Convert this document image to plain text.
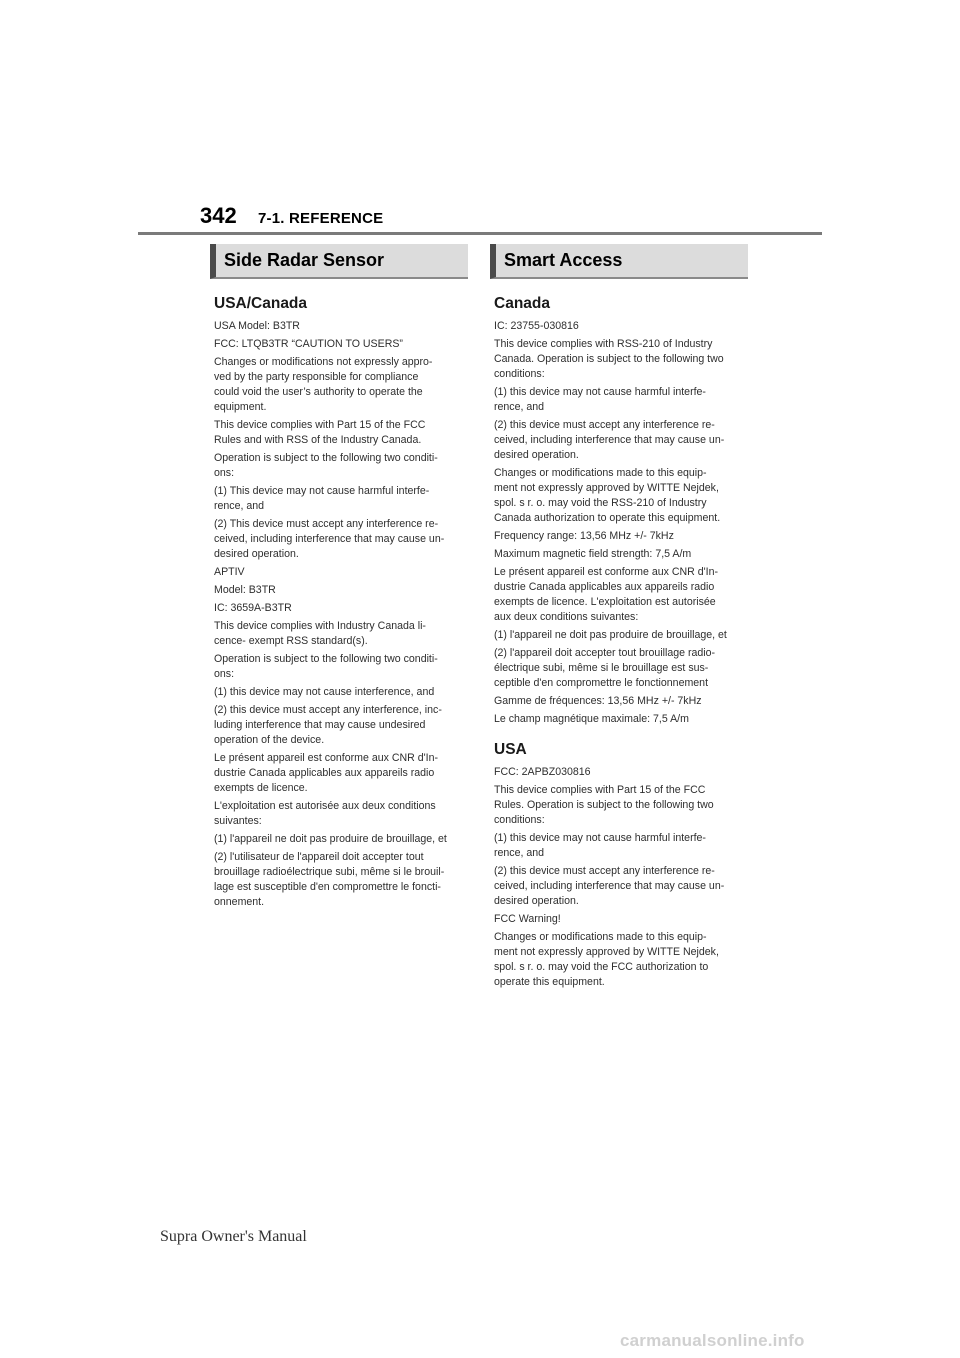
342 7-1. REFERENCE
Side Radar Sensor
USA/Canada

USA Model: B3TR

FCC: LTQB3TR “CAUTION TO USERS”

Changes or modifications not expressly appro-
ved by the party responsible for compliance
could void the user’s authority to operate the
equipment.

This device complies with Part 15 of the FCC
Rules and with RSS of the Industry Canada.

Operation is subject to the following two conditi-
ons:

(1) This device may not cause harmful interfe-
rence, and

(2) This device must accept any interference re-
ceived, including interference that may cause un-
desired operation.

APTIV

Model: B3TR

IC: 3659A-B3TR

This device complies with Industry Canada li-
cence- exempt RSS standard(s).

Operation is subject to the following two conditi-
ons:

(1) this device may not cause interference, and

(2) this device must accept any interference, inc-
luding interference that may cause undesired
operation of the device.

Le présent appareil est conforme aux CNR d'In-
dustrie Canada applicables aux appareils radio
exempts de licence.

L'exploitation est autorisée aux deux conditions
suivantes:

(1) l'appareil ne doit pas produire de brouillage, et

(2) l'utilisateur de l'appareil doit accepter tout
brouillage radioélectrique subi, même si le brouil-
lage est susceptible d'en compromettre le foncti-
onnement.

Smart Access
Canada

IC: 23755-030816

This device complies with RSS-210 of Industry
Canada. Operation is subject to the following two
conditions:

(1) this device may not cause harmful interfe-
rence, and

(2) this device must accept any interference re-
ceived, including interference that may cause un-
desired operation.

Changes or modifications made to this equip-
ment not expressly approved by WITTE Nejdek,
spol. s r. o. may void the RSS-210 of Industry
Canada authorization to operate this equipment.

Frequency range: 13,56 MHz +/- 7kHz

Maximum magnetic field strength: 7,5 A/m

Le présent appareil est conforme aux CNR d'In-
dustrie Canada applicables aux appareils radio
exempts de licence. L'exploitation est autorisée
aux deux conditions suivantes:

(1) l'appareil ne doit pas produire de brouillage, et

(2) l'appareil doit accepter tout brouillage radio-
électrique subi, même si le brouillage est sus-
ceptible d'en compromettre le fonctionnement

Gamme de fréquences: 13,56 MHz +/- 7kHz

Le champ magnétique maximale: 7,5 A/m

USA

FCC: 2APBZ030816

This device complies with Part 15 of the FCC
Rules. Operation is subject to the following two
conditions:

(1) this device may not cause harmful interfe-
rence, and

(2) this device must accept any interference re-
ceived, including interference that may cause un-
desired operation.

FCC Warning!

Changes or modifications made to this equip-
ment not expressly approved by WITTE Nejdek,
spol. s r. o. may void the FCC authorization to
operate this equipment.

Supra Owner's Manual
carmanualsonline.info
